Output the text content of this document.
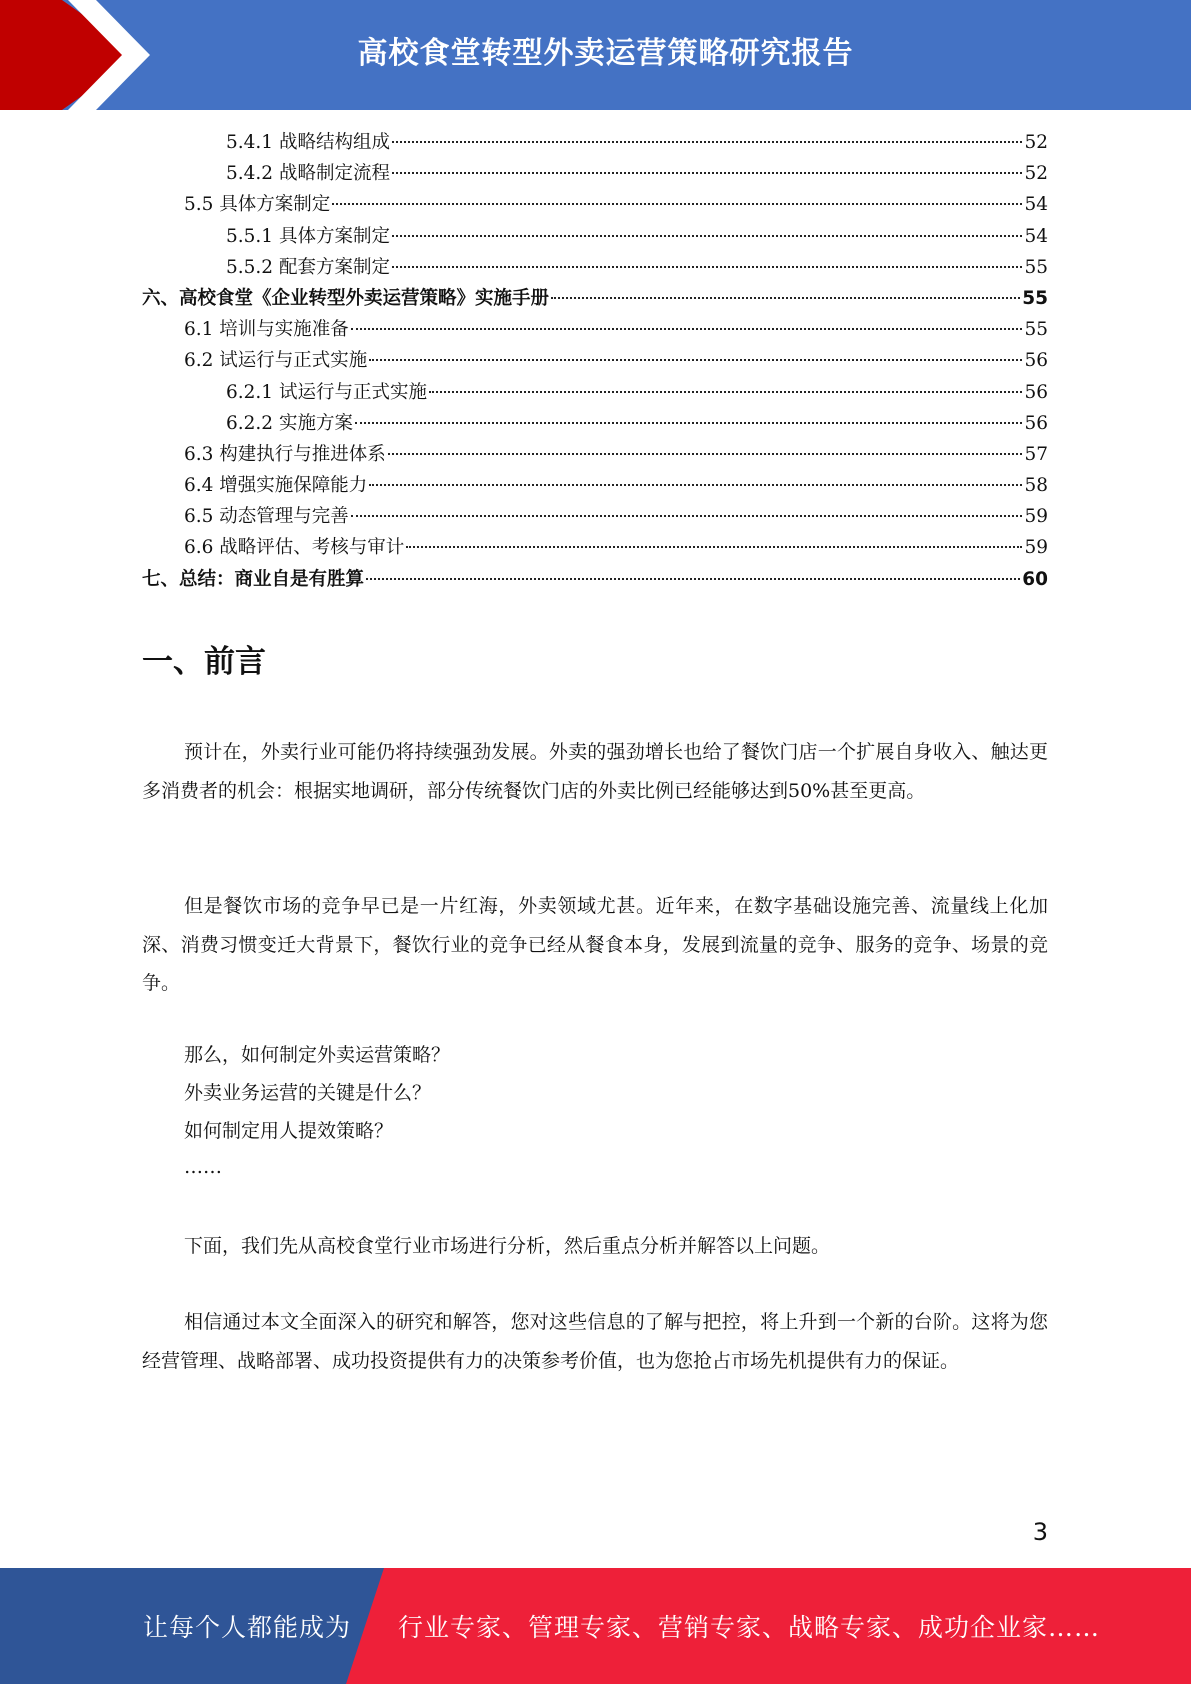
高校食堂转型外卖运营策略研究报告
5.4.1 战略结构组成	52
5.4.2 战略制定流程	52
5.5 具体方案制定	54
5.5.1 具体方案制定	54
5.5.2 配套方案制定	55
六、高校食堂《企业转型外卖运营策略》实施手册	55
6.1 培训与实施准备	55
6.2 试运行与正式实施	56
6.2.1 试运行与正式实施	56
6.2.2 实施方案	56
6.3 构建执行与推进体系	57
6.4 增强实施保障能力	58
6.5 动态管理与完善	59
6.6 战略评估、考核与审计	59
七、总结：商业自是有胜算	60
一、前言

预计在，外卖行业可能仍将持续强劲发展。外卖的强劲增长也给了餐饮门店一个扩展自身收入、触达更多消费者的机会：根据实地调研，部分传统餐饮门店的外卖比例已经能够达到50%甚至更高。

但是餐饮市场的竞争早已是一片红海，外卖领域尤甚。近年来，在数字基础设施完善、流量线上化加深、消费习惯变迁大背景下，餐饮行业的竞争已经从餐食本身，发展到流量的竞争、服务的竞争、场景的竞争。

那么，如何制定外卖运营策略？

外卖业务运营的关键是什么？

如何制定用人提效策略？

……

下面，我们先从高校食堂行业市场进行分析，然后重点分析并解答以上问题。

相信通过本文全面深入的研究和解答，您对这些信息的了解与把控，将上升到一个新的台阶。这将为您经营管理、战略部署、成功投资提供有力的决策参考价值，也为您抢占市场先机提供有力的保证。

3
让每个人都能成为 行业专家、管理专家、营销专家、战略专家、成功企业家……
